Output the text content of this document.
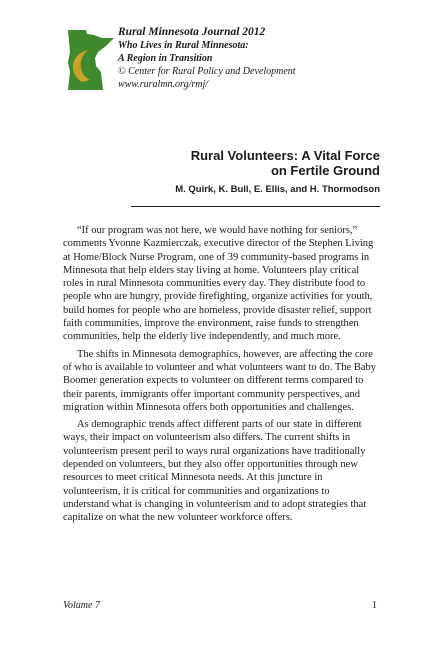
Rural Minnesota Journal 2012
Who Lives in Rural Minnesota:
A Region in Transition
© Center for Rural Policy and Development
www.ruralmn.org/rmj/
Rural Volunteers: A Vital Force
on Fertile Ground
M. Quirk, K. Bull, E. Ellis, and H. Thormodson

“If our program was not here, we would have nothing for seniors,” comments Yvonne Kazmierczak, executive director of the Stephen Living at Home/Block Nurse Program, one of 39 community-based programs in Minnesota that help elders stay living at home. Volunteers play critical roles in rural Minnesota communities every day. They distribute food to people who are hungry, provide firefighting, organize activities for youth, build homes for people who are homeless, provide disaster relief, support faith communities, improve the environment, raise funds to strengthen communities, help the elderly live independently, and much more.

The shifts in Minnesota demographics, however, are affecting the core of who is available to volunteer and what volunteers want to do. The Baby Boomer generation expects to volunteer on different terms compared to their parents, immigrants offer important community perspectives, and migration within Minnesota offers both opportunities and challenges.

As demographic trends affect different parts of our state in different ways, their impact on volunteerism also differs. The current shifts in volunteerism present peril to ways rural organizations have traditionally depended on volunteers, but they also offer opportunities through new resources to meet critical Minnesota needs. At this juncture in volunteerism, it is critical for communities and organizations to understand what is changing in volunteerism and to adopt strategies that capitalize on what the new volunteer workforce offers.

Volume 7	1
